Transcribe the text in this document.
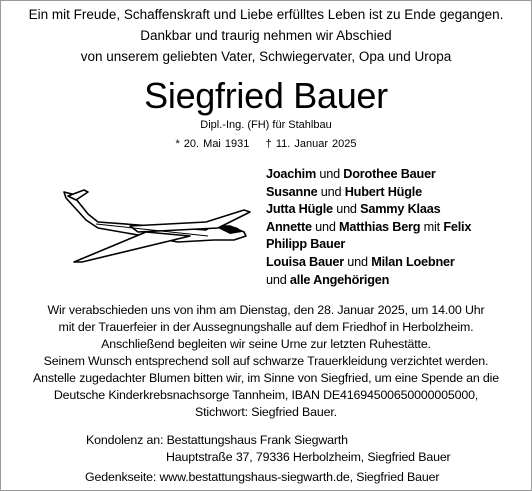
Ein mit Freude, Schaffenskraft und Liebe erfülltes Leben ist zu Ende gegangen.
Dankbar und traurig nehmen wir Abschied
von unserem geliebten Vater, Schwiegervater, Opa und Uropa
Siegfried Bauer
Dipl.-Ing. (FH) für Stahlbau
* 20. Mai 1931 † 11. Januar 2025
Joachim und Dorothee Bauer
Susanne und Hubert Hügle
Jutta Hügle und Sammy Klaas
Annette und Matthias Berg mit Felix
Philipp Bauer
Louisa Bauer und Milan Loebner
und alle Angehörigen
Wir verabschieden uns von ihm am Dienstag, den 28. Januar 2025, um 14.00 Uhr
mit der Trauerfeier in der Aussegnungshalle auf dem Friedhof in Herbolzheim.
Anschließend begleiten wir seine Urne zur letzten Ruhestätte.
Seinem Wunsch entsprechend soll auf schwarze Trauerkleidung verzichtet werden.
Anstelle zugedachter Blumen bitten wir, im Sinne von Siegfried, um eine Spende an die
Deutsche Kinderkrebsnachsorge Tannheim, IBAN DE41694500650000005000,
Stichwort: Siegfried Bauer.
Kondolenz an: Bestattungshaus Frank Siegwarth
Hauptstraße 37, 79336 Herbolzheim, Siegfried Bauer
Gedenkseite: www.bestattungshaus-siegwarth.de, Siegfried Bauer
